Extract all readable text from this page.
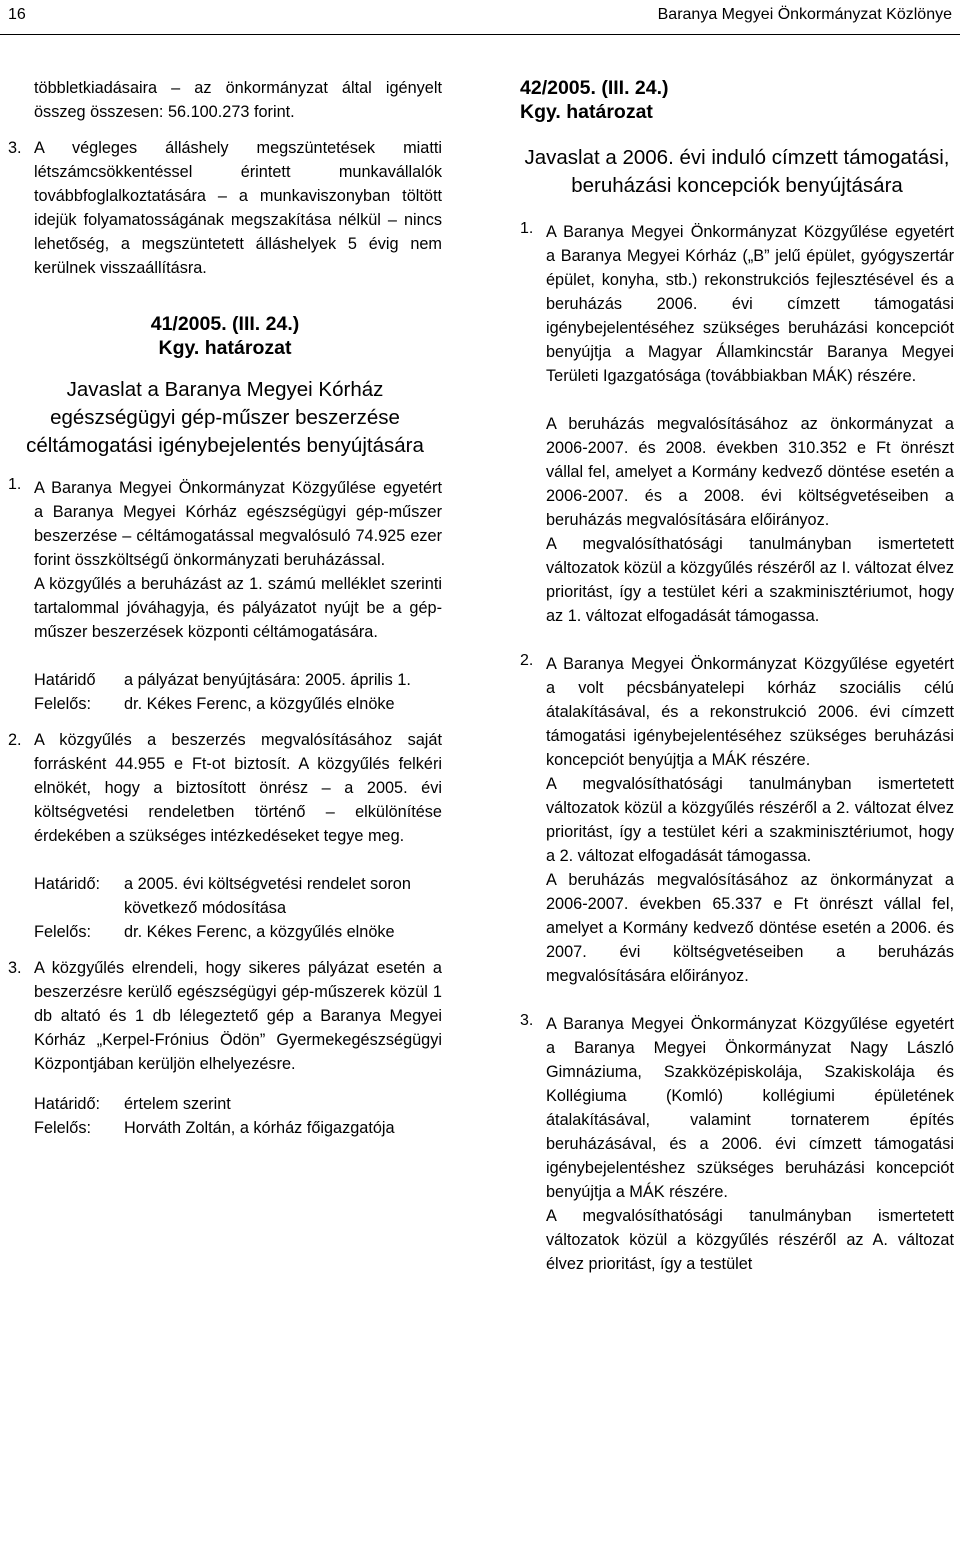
16	Baranya Megyei Önkormányzat Közlönye

többletkiadásaira – az önkormányzat által igényelt összeg összesen: 56.100.273 forint.

3. A végleges álláshely megszüntetések miatti létszámcsökkentéssel érintett munkavállalók továbbfoglalkoztatására – a munkaviszonyban töltött idejük folyamatosságának megszakítása nélkül – nincs lehetőség, a megszüntetett álláshelyek 5 évig nem kerülnek visszaállításra.

41/2005. (III. 24.)
Kgy. határozat
Javaslat a Baranya Megyei Kórház egészségügyi gép-műszer beszerzése céltámogatási igénybejelentés benyújtására
1. A Baranya Megyei Önkormányzat Közgyűlése egyetért a Baranya Megyei Kórház egészségügyi gép-műszer beszerzése – céltámogatással megvalósuló 74.925 ezer forint összköltségű önkormányzati beruházással.

A közgyűlés a beruházást az 1. számú melléklet szerinti tartalommal jóváhagyja, és pályázatot nyújt be a gép-műszer beszerzések központi céltámogatására.

Határidő	a pályázat benyújtására: 2005. április 1.
Felelős:	dr. Kékes Ferenc, a közgyűlés elnöke

2. A közgyűlés a beszerzés megvalósításához saját forrásként 44.955 e Ft-ot biztosít. A közgyűlés felkéri elnökét, hogy a biztosított önrész – a 2005. évi költségvetési rendeletben történő – elkülönítése érdekében a szükséges intézkedéseket tegye meg.

Határidő:	a 2005. évi költségvetési rendelet soron következő módosítása
Felelős:	dr. Kékes Ferenc, a közgyűlés elnöke

3. A közgyűlés elrendeli, hogy sikeres pályázat esetén a beszerzésre kerülő egészségügyi gép-műszerek közül 1 db altató és 1 db lélegeztető gép a Baranya Megyei Kórház „Kerpel-Frónius Ödön” Gyermekegészségügyi Központjában kerüljön elhelyezésre.

Határidő:	értelem szerint
Felelős:	Horváth Zoltán, a kórház főigazgatója
42/2005. (III. 24.)
Kgy. határozat
Javaslat a 2006. évi induló címzett támogatási, beruházási koncepciók benyújtására
1. A Baranya Megyei Önkormányzat Közgyűlése egyetért a Baranya Megyei Kórház („B” jelű épület, gyógyszertár épület, konyha, stb.) rekonstrukciós fejlesztésével és a beruházás 2006. évi címzett támogatási igénybejelentéséhez szükséges beruházási koncepciót benyújtja a Magyar Államkincstár Baranya Megyei Területi Igazgatósága (továbbiakban MÁK) részére.

A beruházás megvalósításához az önkormányzat a 2006-2007. és 2008. években 310.352 e Ft önrészt vállal fel, amelyet a Kormány kedvező döntése esetén a 2006-2007. és a 2008. évi költségvetéseiben a beruházás megvalósítására előirányoz.

A megvalósíthatósági tanulmányban ismertetett változatok közül a közgyűlés részéről az I. változat élvez prioritást, így a testület kéri a szakminisztériumot, hogy az 1. változat elfogadását támogassa.

2. A Baranya Megyei Önkormányzat Közgyűlése egyetért a volt pécsbányatelepi kórház szociális célú átalakításával, és a rekonstrukció 2006. évi címzett támogatási igénybejelentéséhez szükséges beruházási koncepciót benyújtja a MÁK részére.

A megvalósíthatósági tanulmányban ismertetett változatok közül a közgyűlés részéről a 2. változat élvez prioritást, így a testület kéri a szakminisztériumot, hogy a 2. változat elfogadását támogassa.

A beruházás megvalósításához az önkormányzat a 2006-2007. években 65.337 e Ft önrészt vállal fel, amelyet a Kormány kedvező döntése esetén a 2006. és 2007. évi költségvetéseiben a beruházás megvalósítására előirányoz.

3. A Baranya Megyei Önkormányzat Közgyűlése egyetért a Baranya Megyei Önkormányzat Nagy László Gimnáziuma, Szakközépiskolája, Szakiskolája és Kollégiuma (Komló) kollégiumi épületének átalakításával, valamint tornaterem építés beruházásával, és a 2006. évi címzett támogatási igénybejelentéshez szükséges beruházási koncepciót benyújtja a MÁK részére.

A megvalósíthatósági tanulmányban ismertetett változatok közül a közgyűlés részéről az A. változat élvez prioritást, így a testület
